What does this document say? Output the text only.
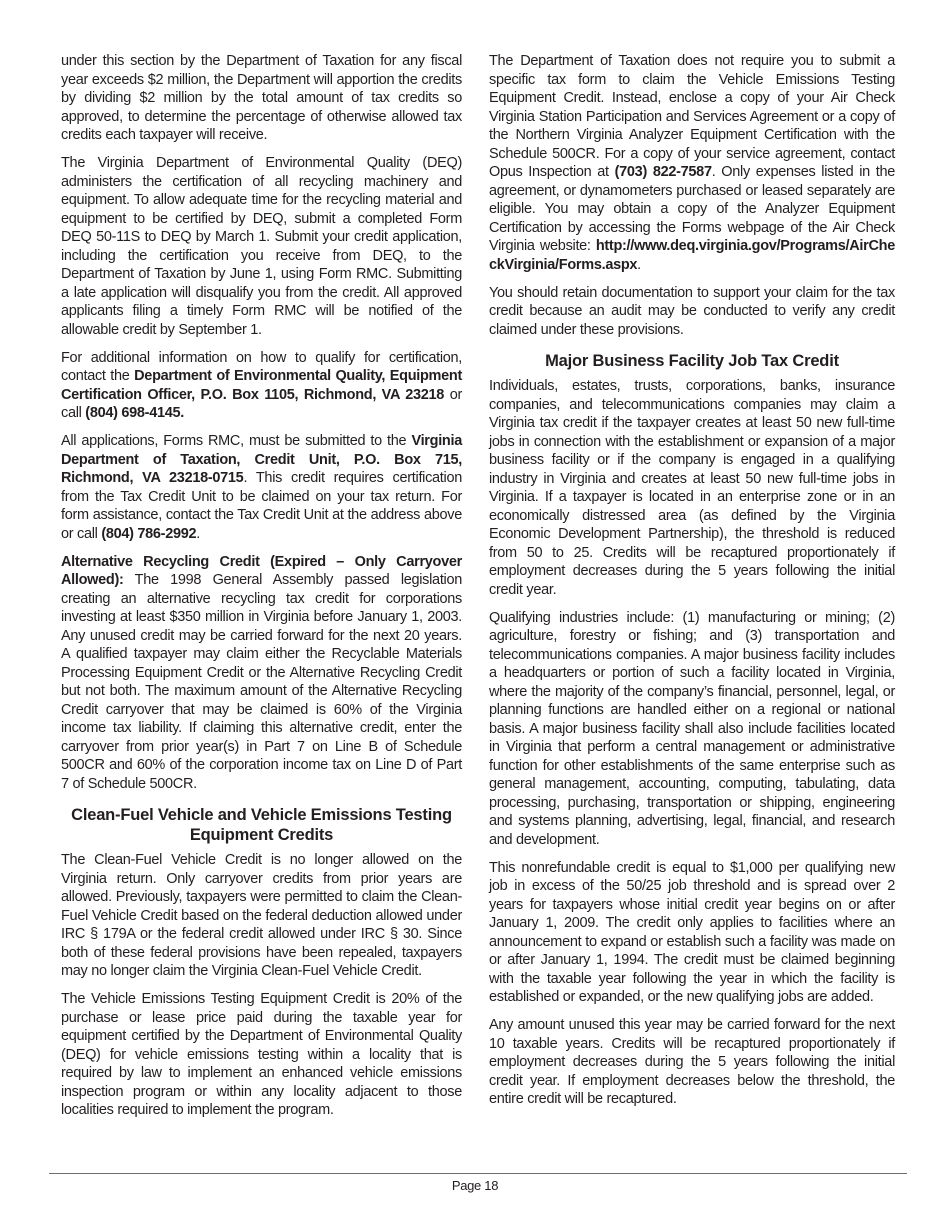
under this section by the Department of Taxation for any fiscal year exceeds $2 million, the Department will apportion the credits by dividing $2 million by the total amount of tax credits so approved, to determine the percentage of otherwise allowed tax credits each taxpayer will receive.

The Virginia Department of Environmental Quality (DEQ) administers the certification of all recycling machinery and equipment. To allow adequate time for the recycling material and equipment to be certified by DEQ, submit a completed Form DEQ 50-11S to DEQ by March 1. Submit your credit application, including the certification you receive from DEQ, to the Department of Taxation by June 1, using Form RMC. Submitting a late application will disqualify you from the credit. All approved applicants filing a timely Form RMC will be notified of the allowable credit by September 1.

For additional information on how to qualify for certification, contact the Department of Environmental Quality, Equipment Certification Officer, P.O. Box 1105, Richmond, VA 23218 or call (804) 698-4145.

All applications, Forms RMC, must be submitted to the Virginia Department of Taxation, Credit Unit, P.O. Box 715, Richmond, VA 23218-0715. This credit requires certification from the Tax Credit Unit to be claimed on your tax return. For form assistance, contact the Tax Credit Unit at the address above or call (804) 786-2992.

Alternative Recycling Credit (Expired – Only Carryover Allowed): The 1998 General Assembly passed legislation creating an alternative recycling tax credit for corporations investing at least $350 million in Virginia before January 1, 2003. Any unused credit may be carried forward for the next 20 years. A qualified taxpayer may claim either the Recyclable Materials Processing Equipment Credit or the Alternative Recycling Credit but not both. The maximum amount of the Alternative Recycling Credit carryover that may be claimed is 60% of the Virginia income tax liability. If claiming this alternative credit, enter the carryover from prior year(s) in Part 7 on Line B of Schedule 500CR and 60% of the corporation income tax on Line D of Part 7 of Schedule 500CR.

Clean-Fuel Vehicle and Vehicle Emissions Testing Equipment Credits

The Clean-Fuel Vehicle Credit is no longer allowed on the Virginia return. Only carryover credits from prior years are allowed. Previously, taxpayers were permitted to claim the Clean-Fuel Vehicle Credit based on the federal deduction allowed under IRC § 179A or the federal credit allowed under IRC § 30. Since both of these federal provisions have been repealed, taxpayers may no longer claim the Virginia Clean-Fuel Vehicle Credit.

The Vehicle Emissions Testing Equipment Credit is 20% of the purchase or lease price paid during the taxable year for equipment certified by the Department of Environmental Quality (DEQ) for vehicle emissions testing within a locality that is required by law to implement an enhanced vehicle emissions inspection program or within any locality adjacent to those localities required to implement the program.

The Department of Taxation does not require you to submit a specific tax form to claim the Vehicle Emissions Testing Equipment Credit. Instead, enclose a copy of your Air Check Virginia Station Participation and Services Agreement or a copy of the Northern Virginia Analyzer Equipment Certification with the Schedule 500CR. For a copy of your service agreement, contact Opus Inspection at (703) 822-7587. Only expenses listed in the agreement, or dynamometers purchased or leased separately are eligible. You may obtain a copy of the Analyzer Equipment Certification by accessing the Forms webpage of the Air Check Virginia website: http://www.deq.virginia.gov/Programs/AirCheckVirginia/Forms.aspx.

You should retain documentation to support your claim for the tax credit because an audit may be conducted to verify any credit claimed under these provisions.

Major Business Facility Job Tax Credit

Individuals, estates, trusts, corporations, banks, insurance companies, and telecommunications companies may claim a Virginia tax credit if the taxpayer creates at least 50 new full-time jobs in connection with the establishment or expansion of a major business facility or if the company is engaged in a qualifying industry in Virginia and creates at least 50 new full-time jobs in Virginia. If a taxpayer is located in an enterprise zone or in an economically distressed area (as defined by the Virginia Economic Development Partnership), the threshold is reduced from 50 to 25. Credits will be recaptured proportionately if employment decreases during the 5 years following the initial credit year.

Qualifying industries include: (1) manufacturing or mining; (2) agriculture, forestry or fishing; and (3) transportation and telecommunications companies. A major business facility includes a headquarters or portion of such a facility located in Virginia, where the majority of the company’s financial, personnel, legal, or planning functions are handled either on a regional or national basis. A major business facility shall also include facilities located in Virginia that perform a central management or administrative function for other establishments of the same enterprise such as general management, accounting, computing, tabulating, data processing, purchasing, transportation or shipping, engineering and systems planning, advertising, legal, financial, and research and development.

This nonrefundable credit is equal to $1,000 per qualifying new job in excess of the 50/25 job threshold and is spread over 2 years for taxpayers whose initial credit year begins on or after January 1, 2009. The credit only applies to facilities where an announcement to expand or establish such a facility was made on or after January 1, 1994. The credit must be claimed beginning with the taxable year following the year in which the facility is established or expanded, or the new qualifying jobs are added.

Any amount unused this year may be carried forward for the next 10 taxable years. Credits will be recaptured proportionately if employment decreases during the 5 years following the initial credit year. If employment decreases below the threshold, the entire credit will be recaptured.

Page 18
